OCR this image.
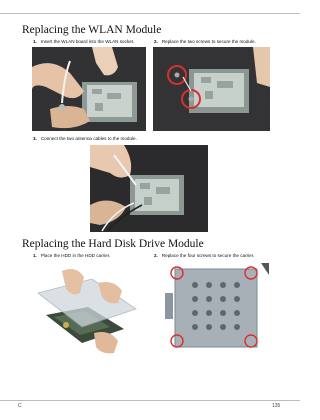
Replacing the WLAN Module
1. Insert the WLAN board into the WLAN socket.	2. Replace the two screws to secure the module.
3. Connect the two antenna cables to the module.
Replacing the Hard Disk Drive Module
1. Place the HDD in the HDD carrier.	2. Replace the four screws to secure the carrier.
C	135
